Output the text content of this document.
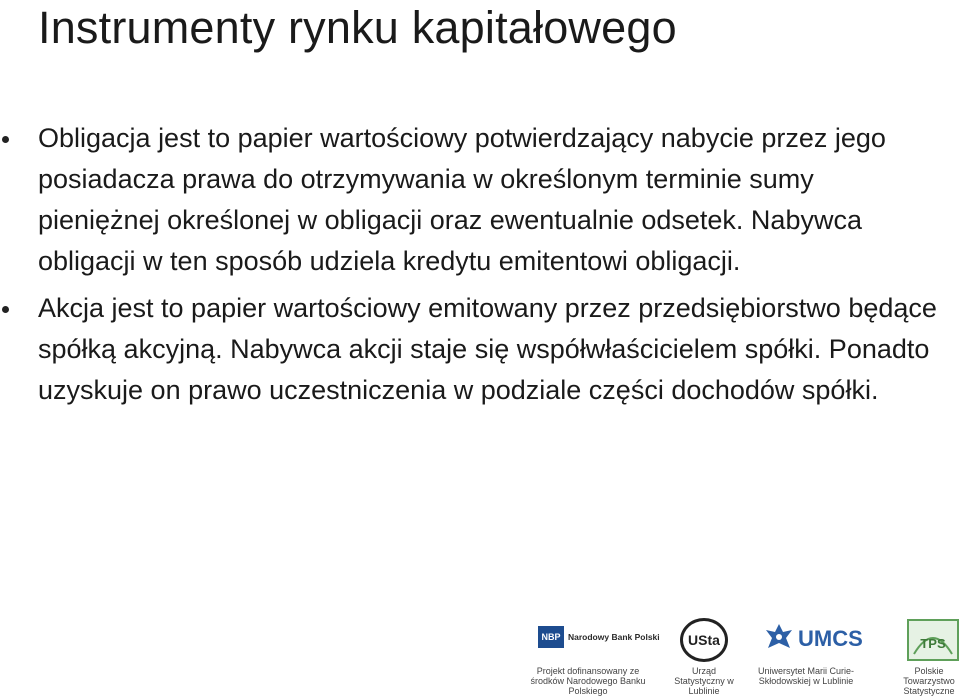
Instrumenty rynku kapitałowego
Obligacja jest to papier wartościowy potwierdzający nabycie przez jego posiadacza prawa do otrzymywania w określonym terminie sumy pieniężnej określonej w obligacji oraz ewentualnie odsetek. Nabywca obligacji w ten sposób udziela kredytu emitentowi obligacji.
Akcja jest to papier wartościowy emitowany przez przedsiębiorstwo będące spółką akcyjną. Nabywca akcji staje się współwłaścicielem spółki. Ponadto uzyskuje on prawo uczestniczenia w podziale części dochodów spółki.
NBP Narodowy Bank Polski
Projekt dofinansowany ze środków Narodowego Banku Polskiego
USta
Urząd Statystyczny w Lublinie
UMCS
Uniwersytet Marii Curie-Skłodowskiej w Lublinie
TPS
Polskie Towarzystwo Statystyczne
